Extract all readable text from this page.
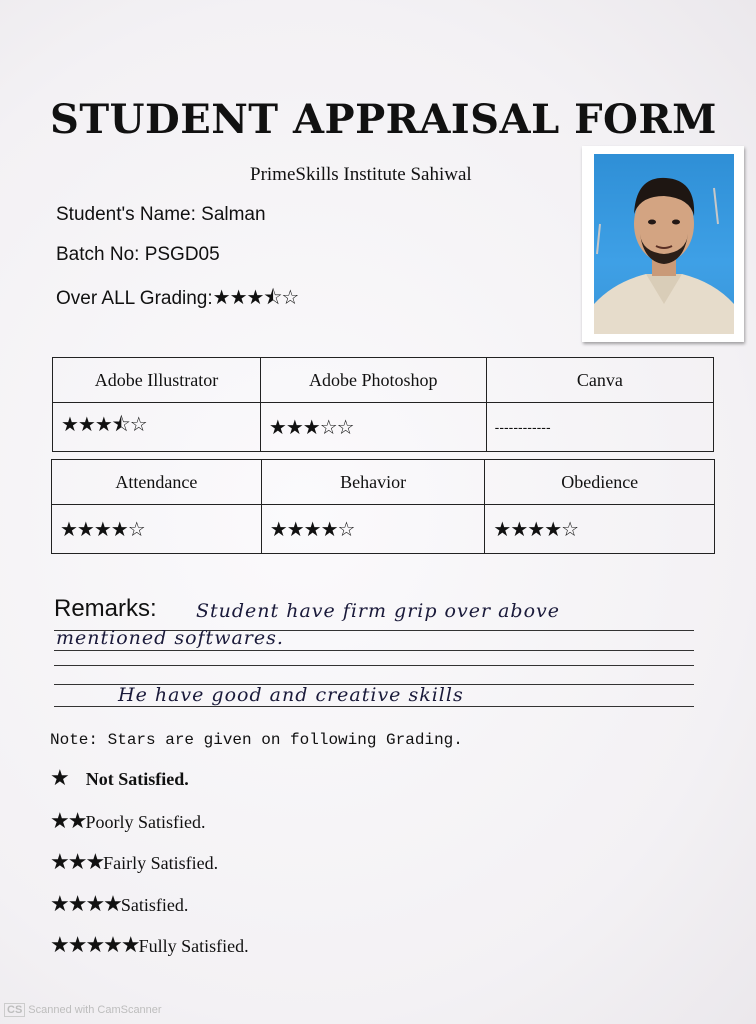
STUDENT APPRAISAL FORM
PrimeSkills Institute Sahiwal
Student's Name: Salman
Batch No: PSGD05
Over ALL Grading:★★★⯪☆
Adobe Illustrator	Adobe Photoshop	Canva
★★★⯪☆	★★★☆☆	------------
Attendance	Behavior	Obedience
★★★★☆	★★★★☆	★★★★☆
Remarks: Student have firm grip over above
mentioned softwares.
He have good and creative skills
Note: Stars are given on following Grading.
★ Not Satisfied.
★★Poorly Satisfied.
★★★Fairly Satisfied.
★★★★Satisfied.
★★★★★Fully Satisfied.
CS Scanned with CamScanner
